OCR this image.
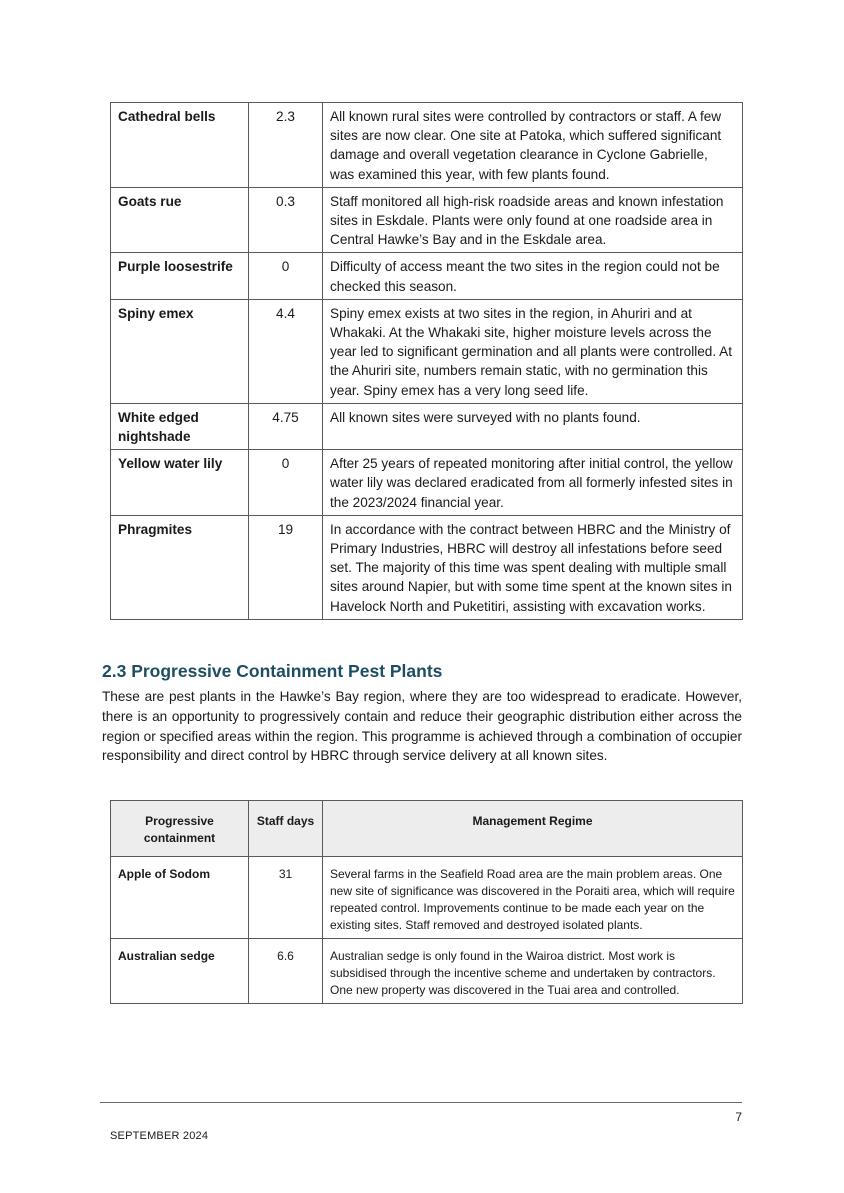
Cathedral bells	2.3	All known rural sites were controlled by contractors or staff. A few sites are now clear. One site at Patoka, which suffered significant damage and overall vegetation clearance in Cyclone Gabrielle, was examined this year, with few plants found.
Goats rue	0.3	Staff monitored all high-risk roadside areas and known infestation sites in Eskdale. Plants were only found at one roadside area in Central Hawke’s Bay and in the Eskdale area.
Purple loosestrife	0	Difficulty of access meant the two sites in the region could not be checked this season.
Spiny emex	4.4	Spiny emex exists at two sites in the region, in Ahuriri and at Whakaki. At the Whakaki site, higher moisture levels across the year led to significant germination and all plants were controlled. At the Ahuriri site, numbers remain static, with no germination this year. Spiny emex has a very long seed life.
White edged nightshade	4.75	All known sites were surveyed with no plants found.
Yellow water lily	0	After 25 years of repeated monitoring after initial control, the yellow water lily was declared eradicated from all formerly infested sites in the 2023/2024 financial year.
Phragmites	19	In accordance with the contract between HBRC and the Ministry of Primary Industries, HBRC will destroy all infestations before seed set. The majority of this time was spent dealing with multiple small sites around Napier, but with some time spent at the known sites in Havelock North and Puketitiri, assisting with excavation works.
2.3 Progressive Containment Pest Plants

These are pest plants in the Hawke’s Bay region, where they are too widespread to eradicate. However, there is an opportunity to progressively contain and reduce their geographic distribution either across the region or specified areas within the region. This programme is achieved through a combination of occupier responsibility and direct control by HBRC through service delivery at all known sites.

Progressive containment	Staff days	Management Regime
Apple of Sodom	31	Several farms in the Seafield Road area are the main problem areas. One new site of significance was discovered in the Poraiti area, which will require repeated control. Improvements continue to be made each year on the existing sites. Staff removed and destroyed isolated plants.
Australian sedge	6.6	Australian sedge is only found in the Wairoa district. Most work is subsidised through the incentive scheme and undertaken by contractors. One new property was discovered in the Tuai area and controlled.
7
SEPTEMBER 2024
